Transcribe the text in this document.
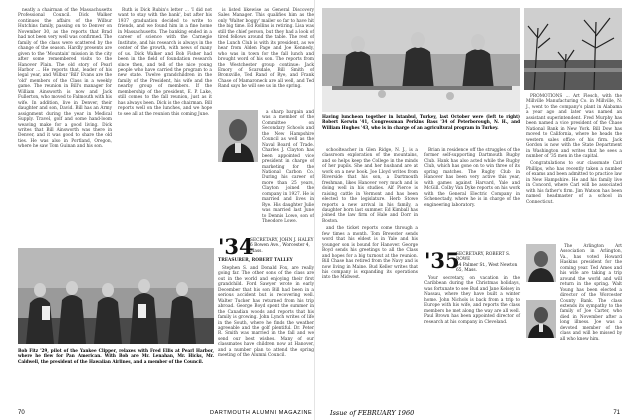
neatly a chairman of the Massachusetts Professional Council. Dick Walker continues the affairs of the Wilbur Hutchins family, passing on to Denver on November 30, as the reports that Brad had not been very well was confirmed. The family of the class were scattered by the change of the season. Hardly presents are given to the 'Mountain' mission in the city after some remembered visits to the Hanover Plain. The old story of Pearl Harbor ... He reports that, leader of his legal year, and Wilbur 'Bill' Evans are the 'old' members of the Class in a weekly game. The reunion in Bill's manager for William Ainsworth is now and Jack Fullerton, who moved to Falmouth with his wife. In addition, live in Denver, their daughter and son, David. Bill has an Army assignment during the year in Medical Supply. Travel, golf and some hand-loom weaving make for a good living. Dick writes that Bill Ainsworth was there in Denver, and it was good to share the old ties. He was also in Portland, Oregon, where he saw Tom Guinan and his son.

Ruth is Dick Rubin's letter ... 'I did not want to stay with the bank', but after his 1937 graduation decided to write to friends, and we found him in a fine home in Massachusetts. The banking ended in a career of science with the Carnegie Institute, and his research is always in the center of the growth, with news of many of us. Dick Walker and Bob Fisher had been in the field of foundation research since then, and tell of the nice young people who have carried the program to a new state. Twelve grandchildren in the family of the President, his wife and the nearby group of members. If the membership of the president, E. P. Lake, still comes to the fall reunion, just as it has always been. Dick is the chairman. Bill reports well on the lunches, and we hope to see all at the reunion this coming June.

is listed likewise as General Discovery Sales Manager. This qualifies him as the only 'Walter boggy' mailer so far to have hit the big time. Ed Rollins is retiring. Lisa was still the chief person, but they had a look of tired fellows around the table. The rest of the Lunch Club is with its president, as we hear from Alden Page and Joe Kennedy, who was in town for the fall lunch and brought word of his son. The reports from the Westchester group continue: Jack Emory of Scarsdale, Bill Smith of Bronxville, Ted Rand of Rye, and Frank Chase of Mamaroneck are all well, and Ted Rand says he will see us in the spring.

a sharp bargain and was a member of the Committee on Secondary Schools and the New Hampshire Council as well as the Naval Board of Trade. Charles J. Clayton has been appointed vice president in charge of marketing for the National Carbon Co. During his career of more than 25 years, Clayton joined the company in 1927. He is married and lives in Rye. His daughter Julie was married last June to Dennis Lowe, son of Theodore Lowe.

'34
SECRETARY, JOHN J. HALEY
6 Bowen Ave., Worcester 4, Mass.
TREASURER, ROBERT TALLEY

Stephen S. and Donald Fox, are really going far. The other sons of the class are out in the world and enjoying their first grandchild. Ford Sawyer wrote in early December that his son Bill had been in a serious accident but is recovering well. Walter Tucker has returned from his trip abroad. George Boyd spent the summer in the Canadian woods and reports that his family is growing. John Lynch writes of life in the South, where he finds the weather agreeable and the golf plentiful. Dr. Peter R. Smith was married in the fall and we send our best wishes. Many of our classmates have children now at Hanover, and a number plan to attend the spring meeting of the Alumni Council.

Bob Fitz '29, pilot of the Yankee Clipper, relaxes with Fred Ellis at Pearl Harbor, where he flew for Pan American. With Bob are Mr. Lenahan, Mr. Hicks, Mr. Caldwell, the president of the Hawaiian Airlines, and a member of the Council.
Having luncheon together in Istanbul, Turkey, last October were (left to right) Robert Kerwin '41, Congressman Perkins Bass '34 of Peterborough, N. H., and William Hughes '43, who is in charge of an agricultural program in Turkey.

schoolteacher in Glen Ridge, N. J., is a classroom exploration of the mountains, and so helps keep the College in the minds of her pupils. She and her husband are at work on a new book. Joe Lloyd writes from Riverside that his son, a Dartmouth freshman, likes Hanover very much and is doing well in his studies. Alf Pierce is raising cattle in Vermont and has been elected to the legislature. Herb Stowe reports a new arrival in his family, a daughter born last summer. Ed Kimball has joined the law firm of Hale and Dorr in Boston.

and the ticket reports come through a few times a month. Tom Brewster sends word that his eldest is in Yale and his younger son is bound for Hanover. George Boyd sends his greetings to all the Class and hopes for a big turnout at the reunion. Bill Chase has retired from the Navy and is now living in Maine. Bud Keller writes that his company is expanding its operations into the Midwest.

Brian in residence off the struggles of the former self-supporting Dartmouth Rugby Club. Hank has also acted while the Rugby Club, which has gone on to win three of its spring matches. The Rugby Club in Hanover has been very active this year, with games against Harvard, Yale and McGill. Colby Van Dyke reports on his work with the General Electric Company in Schenectady, where he is in charge of the engineering laboratory.

'35
SECRETARY, ROBERT S. ROWE
54 Palmer St., West Newton 65, Mass.

Your secretary, on vacation in the Caribbean during the Christmas holidays, was fortunate to see Bud and Jane Kelsey in Nassau, where they have built a winter home. John Nichols is back from a trip to Europe with his wife, and reports the class members he met along the way are all well. Paul Brown has been appointed director of research at his company in Cleveland.

PROMOTIONS ... Art Flesch, with the Millville Manufacturing Co. in Millville, N. J., went to the company's plant in Alabama a year ago and later was named an assistant superintendent. Fred Murphy has been named a vice president of the Chase National Bank in New York. Bill Dow has moved to California, where he heads the western sales office of his firm. Jack Gordon is now with the State Department in Washington and writes that he sees a number of '35 men in the capital.

Congratulations to our classmate Carl Phillips, who has recently taken a number of exams and been admitted to practice law in New Hampshire. He and his family live in Concord, where Carl will be associated with his father's firm. Jim Watson has been named headmaster of a school in Connecticut.

The Arlington Art Association in Arlington, Va., has voted Howard Haskins president for the coming year. Ted Ames and his wife are taking a trip around the world and will return in the spring. Walt Young has been elected a director of the Worcester County Bank. The class extends its sympathy to the family of Joe Carter, who died in November after a long illness. Joe was a devoted member of the class and will be missed by all who knew him.

70	DARTMOUTH ALUMNI MAGAZINE	Issue of FEBRUARY 1960	71
